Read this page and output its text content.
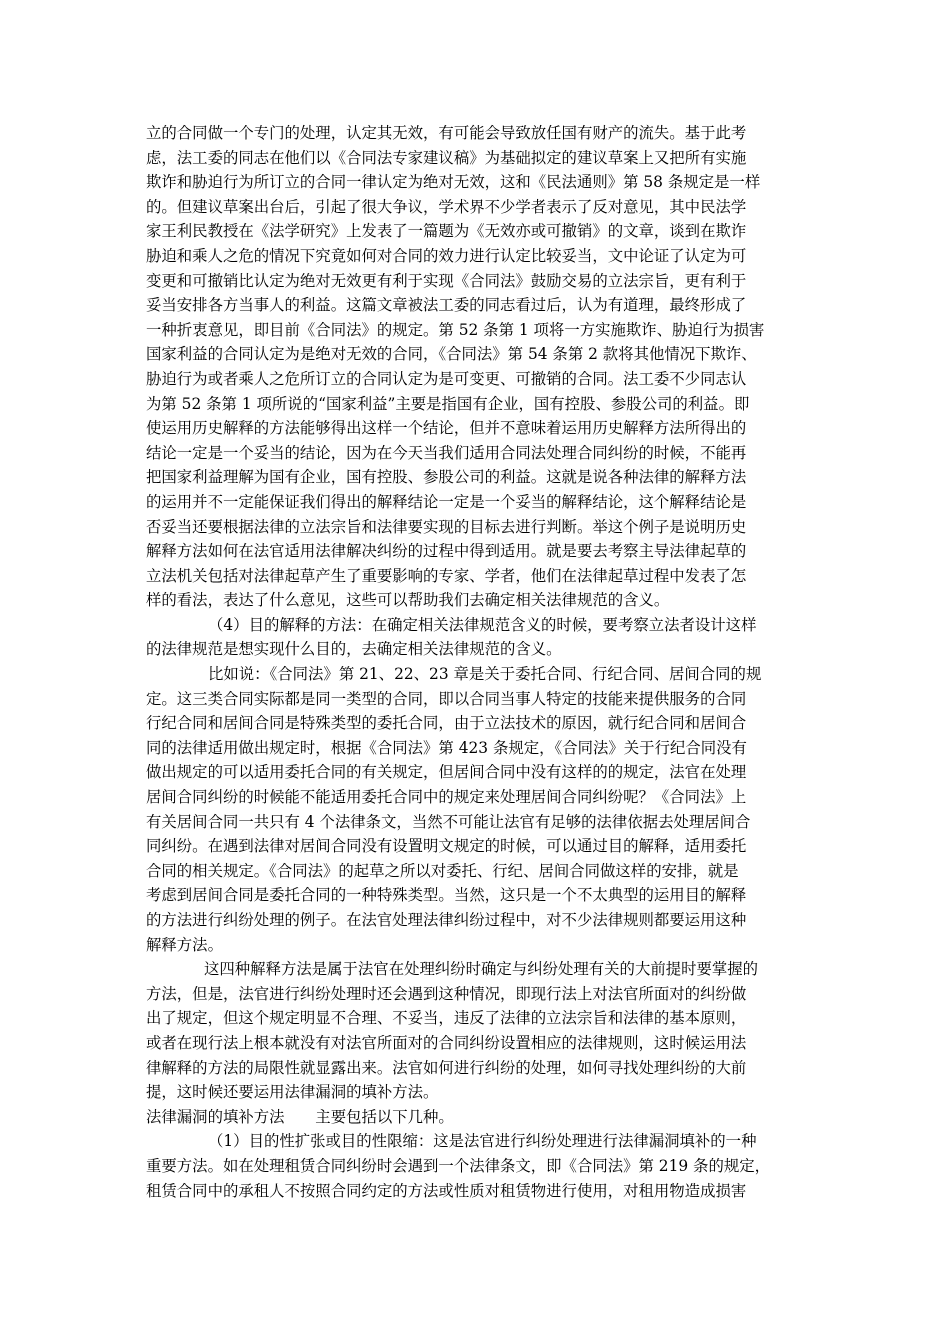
立的合同做一个专门的处理，认定其无效，有可能会导致放任国有财产的流失。基于此考
虑，法工委的同志在他们以《合同法专家建议稿》为基础拟定的建议草案上又把所有实施
欺诈和胁迫行为所订立的合同一律认定为绝对无效，这和《民法通则》第 58 条规定是一样
的。但建议草案出台后，引起了很大争议，学术界不少学者表示了反对意见，其中民法学
家王利民教授在《法学研究》上发表了一篇题为《无效亦或可撤销》的文章，谈到在欺诈
胁迫和乘人之危的情况下究竟如何对合同的效力进行认定比较妥当，文中论证了认定为可
变更和可撤销比认定为绝对无效更有利于实现《合同法》鼓励交易的立法宗旨，更有利于
妥当安排各方当事人的利益。这篇文章被法工委的同志看过后，认为有道理，最终形成了
一种折衷意见，即目前《合同法》的规定。第 52 条第 1 项将一方实施欺诈、胁迫行为损害
国家利益的合同认定为是绝对无效的合同，《合同法》第 54 条第 2 款将其他情况下欺诈、
胁迫行为或者乘人之危所订立的合同认定为是可变更、可撤销的合同。法工委不少同志认
为第 52 条第 1 项所说的“国家利益”主要是指国有企业，国有控股、参股公司的利益。即
使运用历史解释的方法能够得出这样一个结论，但并不意味着运用历史解释方法所得出的
结论一定是一个妥当的结论，因为在今天当我们适用合同法处理合同纠纷的时候，不能再
把国家利益理解为国有企业，国有控股、参股公司的利益。这就是说各种法律的解释方法
的运用并不一定能保证我们得出的解释结论一定是一个妥当的解释结论，这个解释结论是
否妥当还要根据法律的立法宗旨和法律要实现的目标去进行判断。举这个例子是说明历史
解释方法如何在法官适用法律解决纠纷的过程中得到适用。就是要去考察主导法律起草的
立法机关包括对法律起草产生了重要影响的专家、学者，他们在法律起草过程中发表了怎
样的看法，表达了什么意见，这些可以帮助我们去确定相关法律规范的含义。
（4）目的解释的方法：在确定相关法律规范含义的时候，要考察立法者设计这样
的法律规范是想实现什么目的，去确定相关法律规范的含义。
比如说：《合同法》第 21、22、23 章是关于委托合同、行纪合同、居间合同的规
定。这三类合同实际都是同一类型的合同，即以合同当事人特定的技能来提供服务的合同
行纪合同和居间合同是特殊类型的委托合同，由于立法技术的原因，就行纪合同和居间合
同的法律适用做出规定时，根据《合同法》第 423 条规定，《合同法》关于行纪合同没有
做出规定的可以适用委托合同的有关规定，但居间合同中没有这样的的规定，法官在处理
居间合同纠纷的时候能不能适用委托合同中的规定来处理居间合同纠纷呢？《合同法》上
有关居间合同一共只有 4 个法律条文，当然不可能让法官有足够的法律依据去处理居间合
同纠纷。在遇到法律对居间合同没有设置明文规定的时候，可以通过目的解释，适用委托
合同的相关规定。《合同法》的起草之所以对委托、行纪、居间合同做这样的安排，就是
考虑到居间合同是委托合同的一种特殊类型。当然，这只是一个不太典型的运用目的解释
的方法进行纠纷处理的例子。在法官处理法律纠纷过程中，对不少法律规则都要运用这种
解释方法。
这四种解释方法是属于法官在处理纠纷时确定与纠纷处理有关的大前提时要掌握的
方法，但是，法官进行纠纷处理时还会遇到这种情况，即现行法上对法官所面对的纠纷做
出了规定，但这个规定明显不合理、不妥当，违反了法律的立法宗旨和法律的基本原则，
或者在现行法上根本就没有对法官所面对的合同纠纷设置相应的法律规则，这时候运用法
律解释的方法的局限性就显露出来。法官如何进行纠纷的处理，如何寻找处理纠纷的大前
提，这时候还要运用法律漏洞的填补方法。
法律漏洞的填补方法　　主要包括以下几种。
（1）目的性扩张或目的性限缩：这是法官进行纠纷处理进行法律漏洞填补的一种
重要方法。如在处理租赁合同纠纷时会遇到一个法律条文，即《合同法》第 219 条的规定，
租赁合同中的承租人不按照合同约定的方法或性质对租赁物进行使用，对租用物造成损害
